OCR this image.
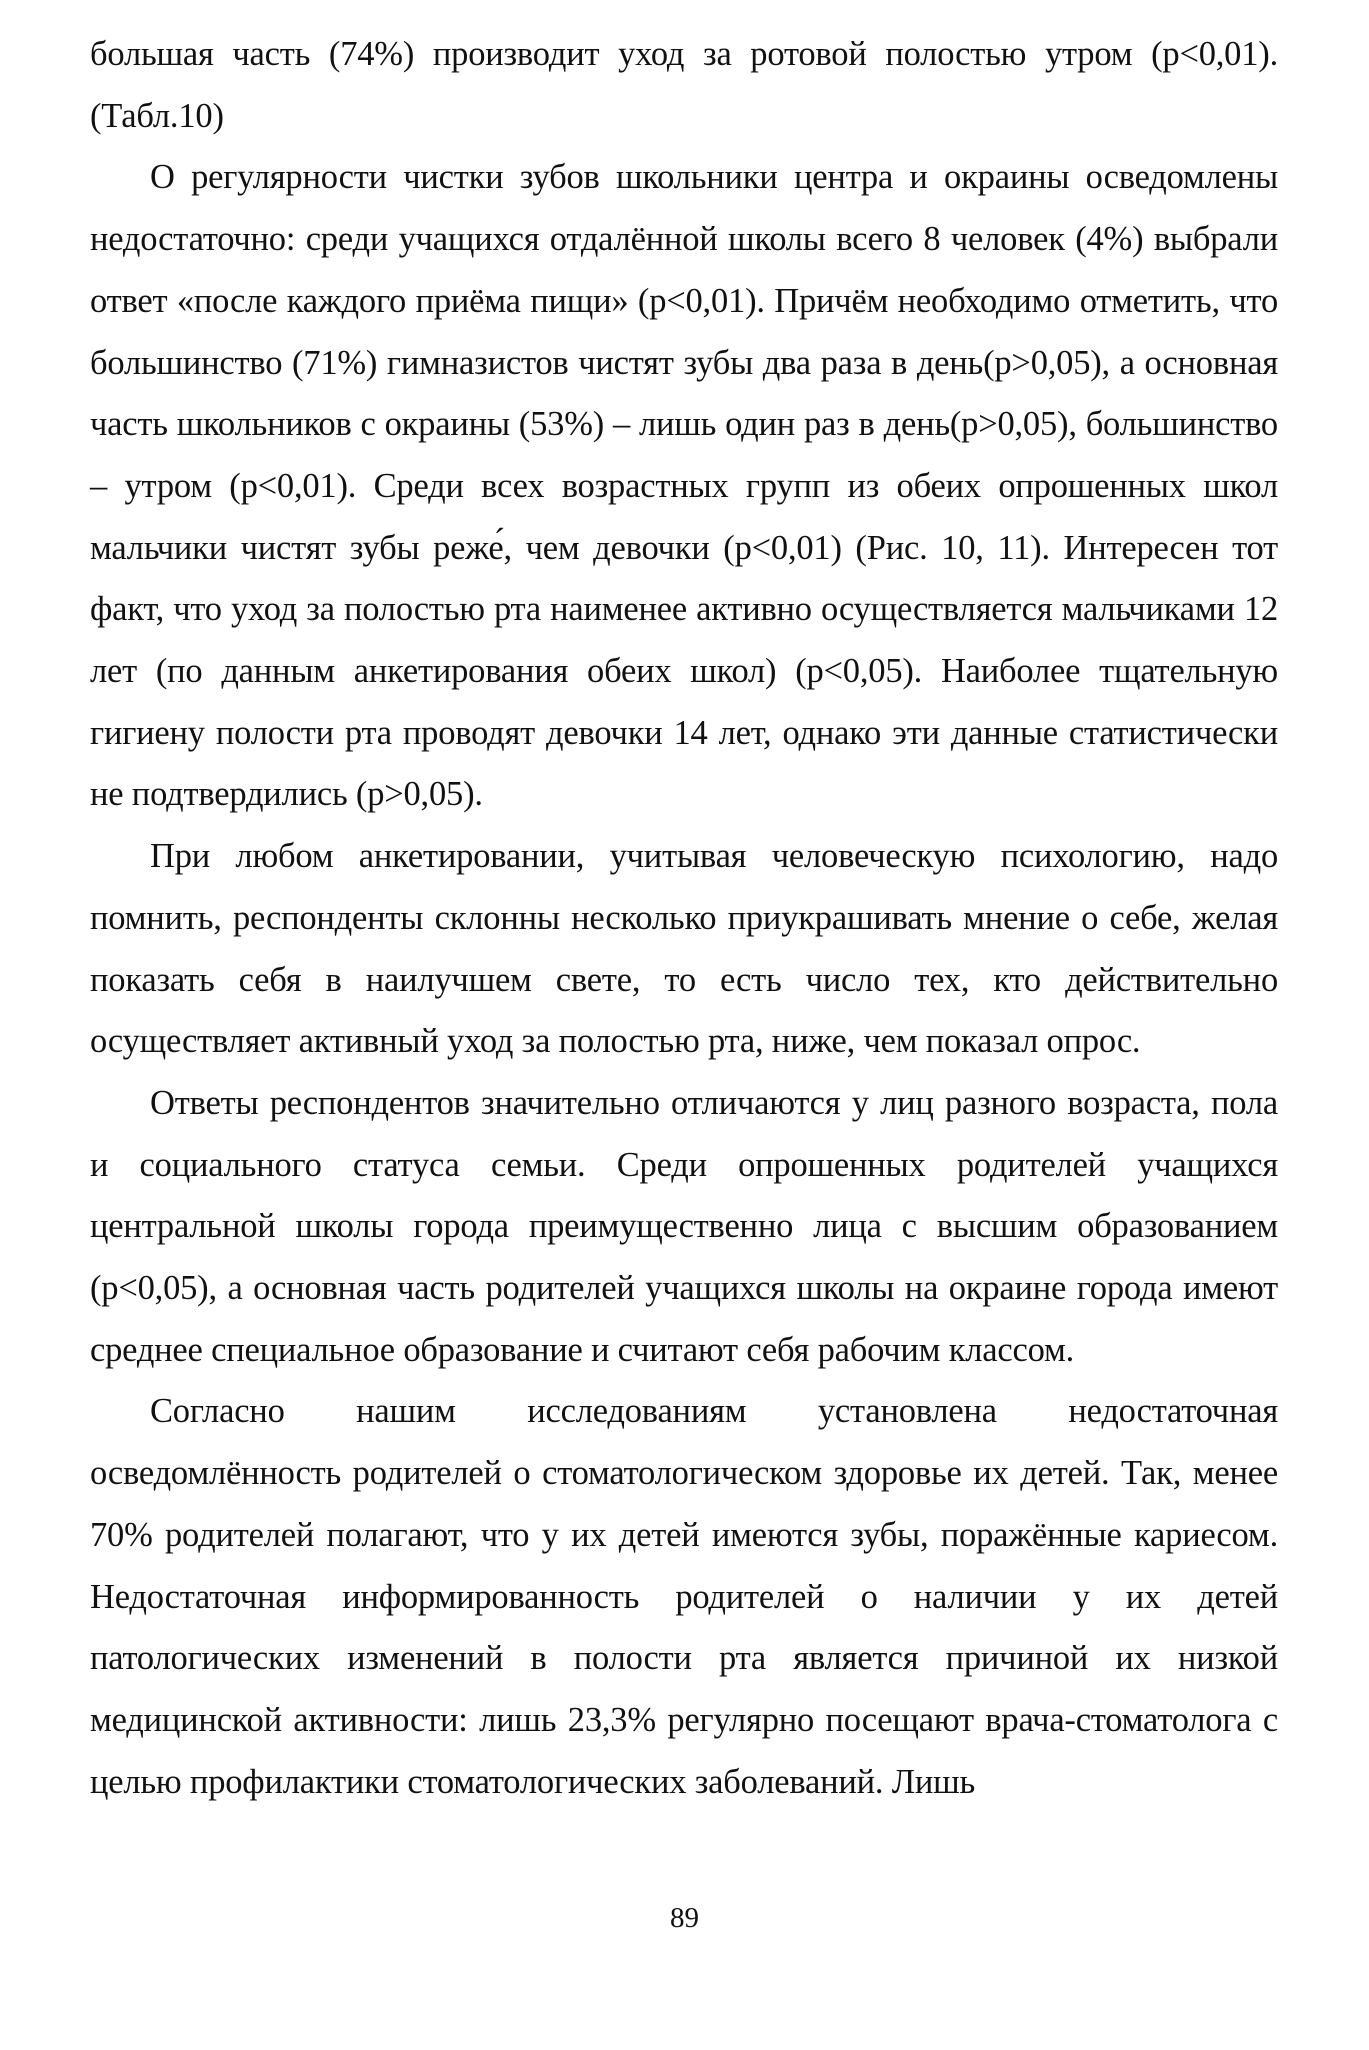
большая часть (74%) производит уход за ротовой полостью утром (р<0,01). (Табл.10)

О регулярности чистки зубов школьники центра и окраины осведомлены недостаточно: среди учащихся отдалённой школы всего 8 человек (4%) выбрали ответ «после каждого приёма пищи» (р<0,01). Причём необходимо отметить, что большинство (71%) гимназистов чистят зубы два раза в день(р>0,05), а основная часть школьников с окраины (53%) – лишь один раз в день(р>0,05), большинство – утром (р<0,01). Среди всех возрастных групп из обеих опрошенных школ мальчики чистят зубы реже́, чем девочки (р<0,01) (Рис. 10, 11). Интересен тот факт, что уход за полостью рта наименее активно осуществляется мальчиками 12 лет (по данным анкетирования обеих школ) (р<0,05). Наиболее тщательную гигиену полости рта проводят девочки 14 лет, однако эти данные статистически не подтвердились (р>0,05).

При любом анкетировании, учитывая человеческую психологию, надо помнить, респонденты склонны несколько приукрашивать мнение о себе, желая показать себя в наилучшем свете, то есть число тех, кто действительно осуществляет активный уход за полостью рта, ниже, чем показал опрос.

Ответы респондентов значительно отличаются у лиц разного возраста, пола и социального статуса семьи. Среди опрошенных родителей учащихся центральной школы города преимущественно лица с высшим образованием (р<0,05), а основная часть родителей учащихся школы на окраине города имеют среднее специальное образование и считают себя рабочим классом.

Согласно нашим исследованиям установлена недостаточная осведомлённость родителей о стоматологическом здоровье их детей. Так, менее 70% родителей полагают, что у их детей имеются зубы, поражённые кариесом. Недостаточная информированность родителей о наличии у их детей патологических изменений в полости рта является причиной их низкой медицинской активности: лишь 23,3% регулярно посещают врача-стоматолога с целью профилактики стоматологических заболеваний. Лишь

89
